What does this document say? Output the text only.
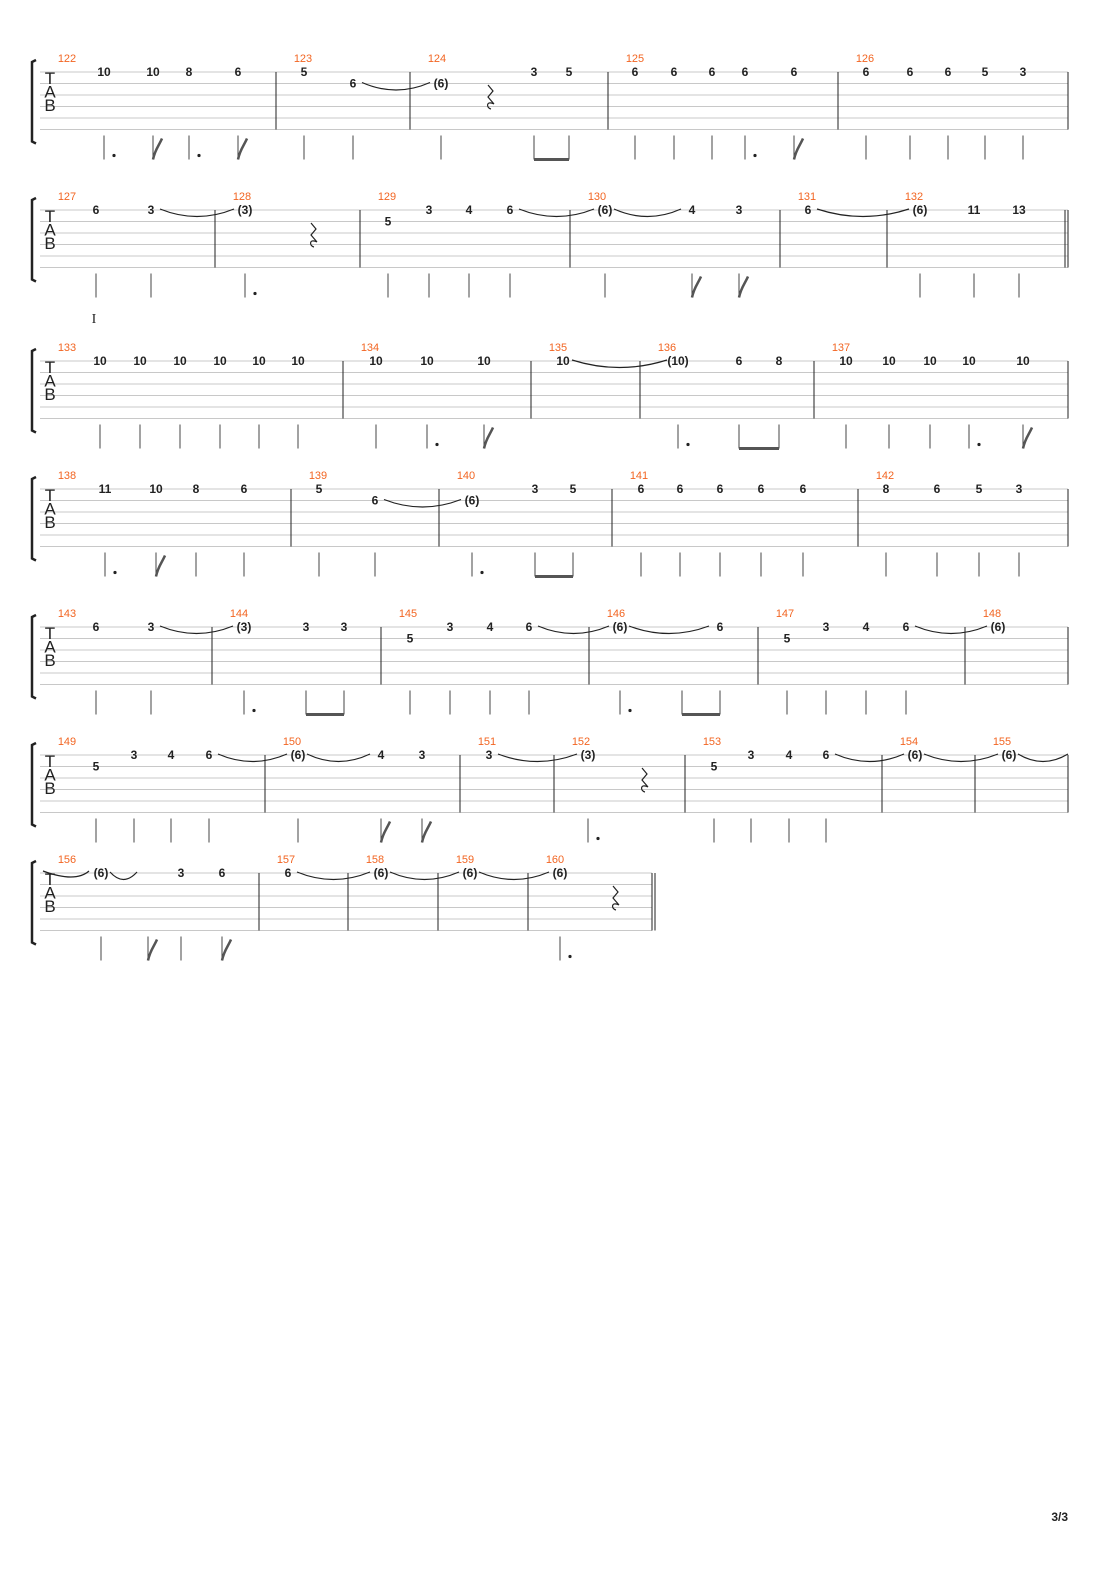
T
A
B
122
10	10 8	6
123
5
6
124
(6)
3 5
125
6	6	6 6	6
126
6	6	6	5	3
T
A
B
127
6	3
128
(3)
129
5
3	4	6
130
(6)	4	3
131
6
132
(6)	11	13
T
A
B
I
133
10 10 10 10 10 10
134
10	10	10
135
10
136
(10)	6	8
137
10 10 10 10	10
T
A
B
138
11	10 8	6
139
5
6
140
(6)
3	5
141
6	6	6	6	6
142
8	6	5	3
T
A
B
143
6	3
144
(3)	3	3
145
5
3	4	6
146
(6)	6
147
5
3	4	6
148
(6)
T
A
B
149
5
3	4	6
150
(6)	4	3
151
3
152
(3)
153
5
3	4	6
154
(6)
155
(6)
T
A
B
156
(6)	3	6
157
6
158
(6)
159
(6)
160
(6)
3/3
